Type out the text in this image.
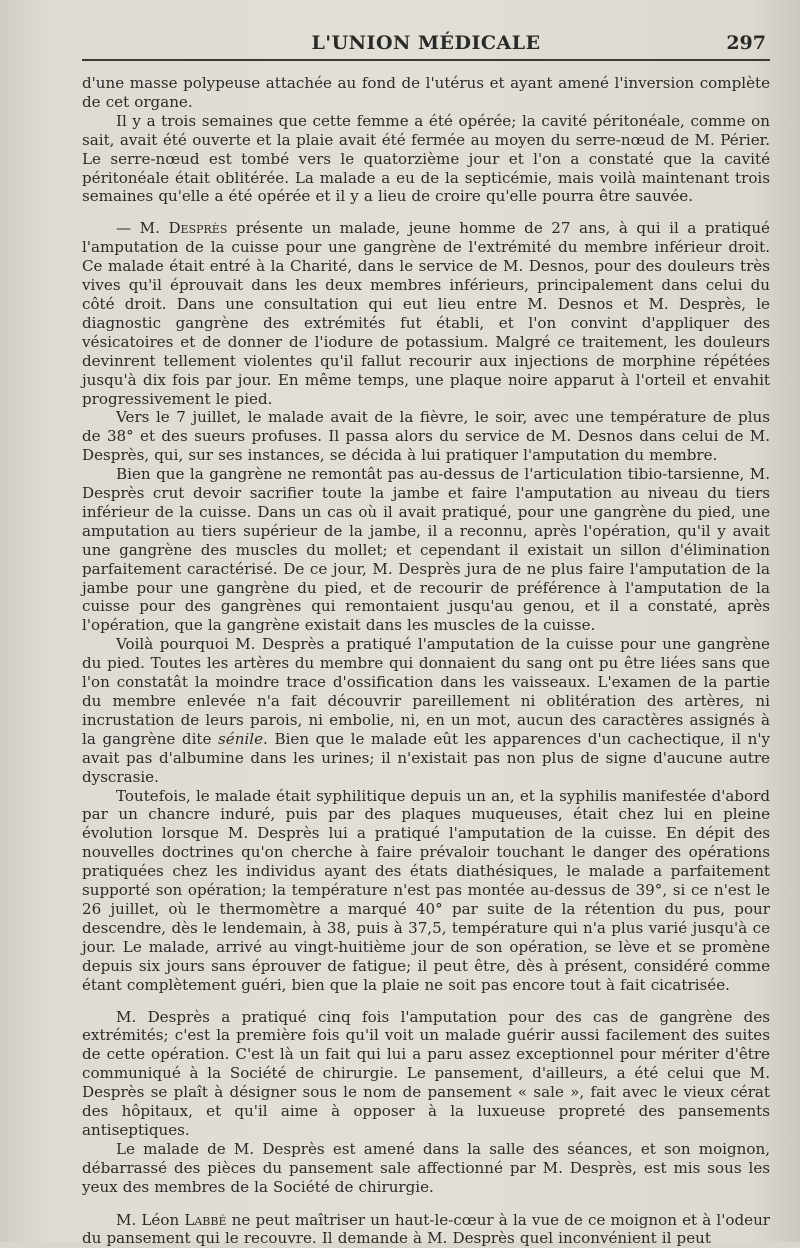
L'UNION MÉDICALE	297

d'une masse polypeuse attachée au fond de l'utérus et ayant amené l'inversion complète de cet organe.

Il y a trois semaines que cette femme a été opérée; la cavité péritonéale, comme on sait, avait été ouverte et la plaie avait été fermée au moyen du serre-nœud de M. Périer. Le serre-nœud est tombé vers le quatorzième jour et l'on a constaté que la cavité péritonéale était oblitérée. La malade a eu de la septicémie, mais voilà maintenant trois semaines qu'elle a été opérée et il y a lieu de croire qu'elle pourra être sauvée.

— M. Desprès présente un malade, jeune homme de 27 ans, à qui il a pratiqué l'amputation de la cuisse pour une gangrène de l'extrémité du membre inférieur droit. Ce malade était entré à la Charité, dans le service de M. Desnos, pour des douleurs très vives qu'il éprouvait dans les deux membres inférieurs, principalement dans celui du côté droit. Dans une consultation qui eut lieu entre M. Desnos et M. Desprès, le diagnostic gangrène des extrémités fut établi, et l'on convint d'appliquer des vésicatoires et de donner de l'iodure de potassium. Malgré ce traitement, les douleurs devinrent tellement violentes qu'il fallut recourir aux injections de morphine répétées jusqu'à dix fois par jour. En même temps, une plaque noire apparut à l'orteil et envahit progressivement le pied.

Vers le 7 juillet, le malade avait de la fièvre, le soir, avec une température de plus de 38° et des sueurs profuses. Il passa alors du service de M. Desnos dans celui de M. Desprès, qui, sur ses instances, se décida à lui pratiquer l'amputation du membre.

Bien que la gangrène ne remontât pas au-dessus de l'articulation tibio-tarsienne, M. Desprès crut devoir sacrifier toute la jambe et faire l'amputation au niveau du tiers inférieur de la cuisse. Dans un cas où il avait pratiqué, pour une gangrène du pied, une amputation au tiers supérieur de la jambe, il a reconnu, après l'opération, qu'il y avait une gangrène des muscles du mollet; et cependant il existait un sillon d'élimination parfaitement caractérisé. De ce jour, M. Desprès jura de ne plus faire l'amputation de la jambe pour une gangrène du pied, et de recourir de préférence à l'amputation de la cuisse pour des gangrènes qui remontaient jusqu'au genou, et il a constaté, après l'opération, que la gangrène existait dans les muscles de la cuisse.

Voilà pourquoi M. Desprès a pratiqué l'amputation de la cuisse pour une gangrène du pied. Toutes les artères du membre qui donnaient du sang ont pu être liées sans que l'on constatât la moindre trace d'ossification dans les vaisseaux. L'examen de la partie du membre enlevée n'a fait découvrir pareillement ni oblitération des artères, ni incrustation de leurs parois, ni embolie, ni, en un mot, aucun des caractères assignés à la gangrène dite sénile. Bien que le malade eût les apparences d'un cachectique, il n'y avait pas d'albumine dans les urines; il n'existait pas non plus de signe d'aucune autre dyscrasie.

Toutefois, le malade était syphilitique depuis un an, et la syphilis manifestée d'abord par un chancre induré, puis par des plaques muqueuses, était chez lui en pleine évolution lorsque M. Desprès lui a pratiqué l'amputation de la cuisse. En dépit des nouvelles doctrines qu'on cherche à faire prévaloir touchant le danger des opérations pratiquées chez les individus ayant des états diathésiques, le malade a parfaitement supporté son opération; la température n'est pas montée au-dessus de 39°, si ce n'est le 26 juillet, où le thermomètre a marqué 40° par suite de la rétention du pus, pour descendre, dès le lendemain, à 38, puis à 37,5, température qui n'a plus varié jusqu'à ce jour. Le malade, arrivé au vingt-huitième jour de son opération, se lève et se promène depuis six jours sans éprouver de fatigue; il peut être, dès à présent, considéré comme étant complètement guéri, bien que la plaie ne soit pas encore tout à fait cicatrisée.

M. Desprès a pratiqué cinq fois l'amputation pour des cas de gangrène des extrémités; c'est la première fois qu'il voit un malade guérir aussi facilement des suites de cette opération. C'est là un fait qui lui a paru assez exceptionnel pour mériter d'être communiqué à la Société de chirurgie. Le pansement, d'ailleurs, a été celui que M. Desprès se plaît à désigner sous le nom de pansement « sale », fait avec le vieux cérat des hôpitaux, et qu'il aime à opposer à la luxueuse propreté des pansements antiseptiques.

Le malade de M. Desprès est amené dans la salle des séances, et son moignon, débarrassé des pièces du pansement sale affectionné par M. Desprès, est mis sous les yeux des membres de la Société de chirurgie.

M. Léon Labbé ne peut maîtriser un haut-le-cœur à la vue de ce moignon et à l'odeur du pansement qui le recouvre. Il demande à M. Desprès quel inconvénient il peut
